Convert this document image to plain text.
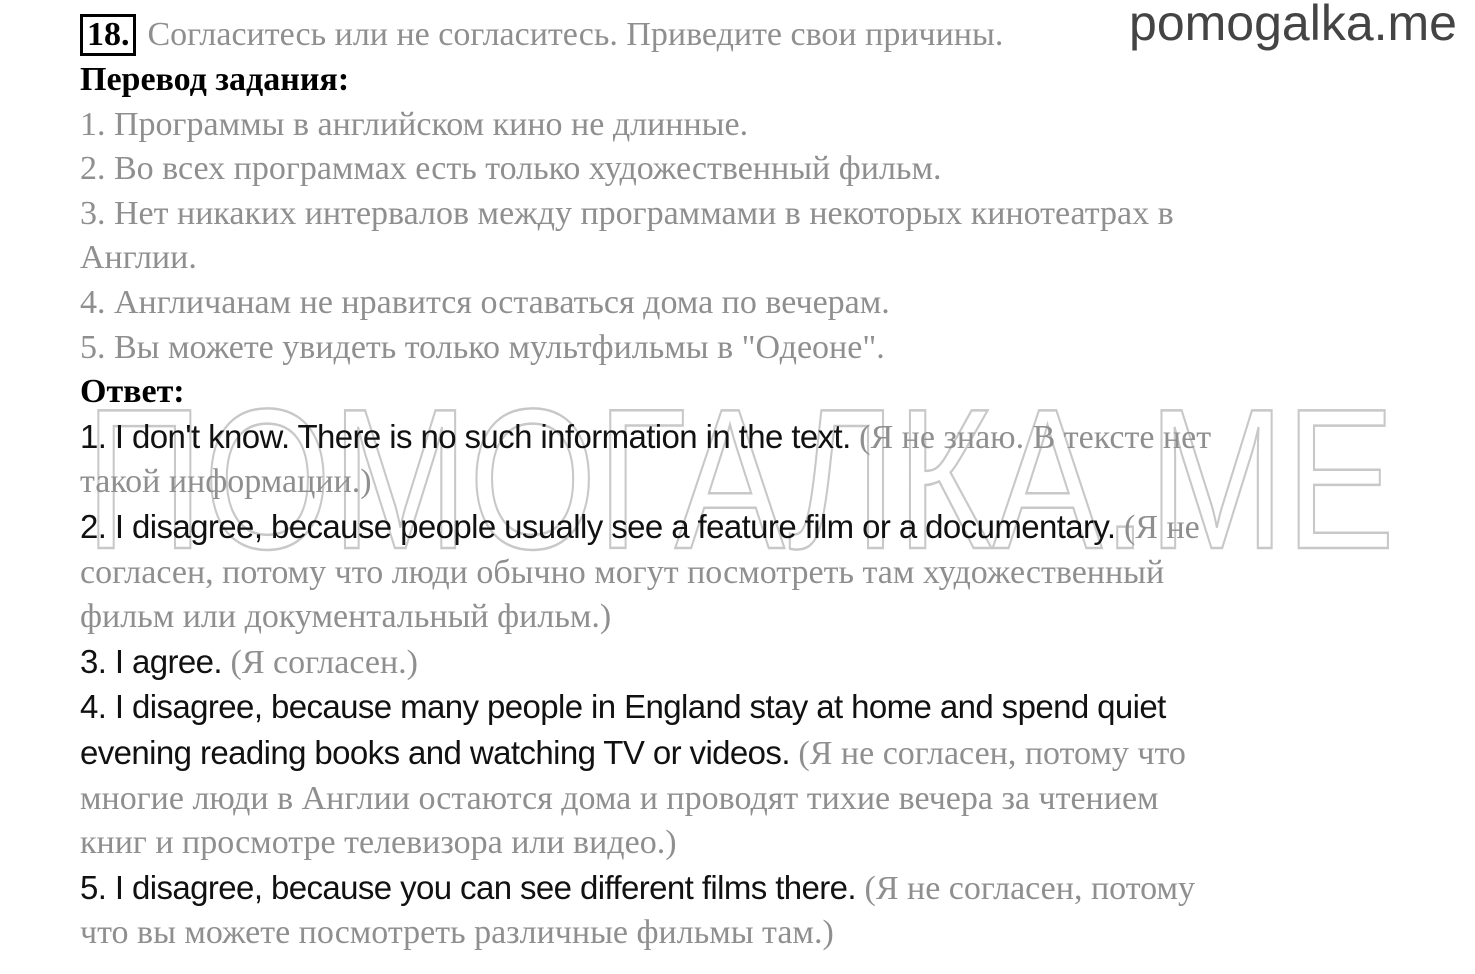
pomogalka.me
ПОМОГАЛКА.МЕ
18. Согласитесь или не согласитесь. Приведите свои причины.
Перевод задания:
1. Программы в английском кино не длинные.
2. Во всех программах есть только художественный фильм.
3. Нет никаких интервалов между программами в некоторых кинотеатрах в
Англии.
4. Англичанам не нравится оставаться дома по вечерам.
5. Вы можете увидеть только мультфильмы в "Одеоне".
Ответ:
1. I don't know. There is no such information in the text. (Я не знаю. В тексте нет
такой информации.)
2. I disagree, because people usually see a feature film or a documentary. (Я не
согласен, потому что люди обычно могут посмотреть там художественный
фильм или документальный фильм.)
3. I agree. (Я согласен.)
4. I disagree, because many people in England stay at home and spend quiet
evening reading books and watching TV or videos. (Я не согласен, потому что
многие люди в Англии остаются дома и проводят тихие вечера за чтением
книг и просмотре телевизора или видео.)
5. I disagree, because you can see different films there. (Я не согласен, потому
что вы можете посмотреть различные фильмы там.)
